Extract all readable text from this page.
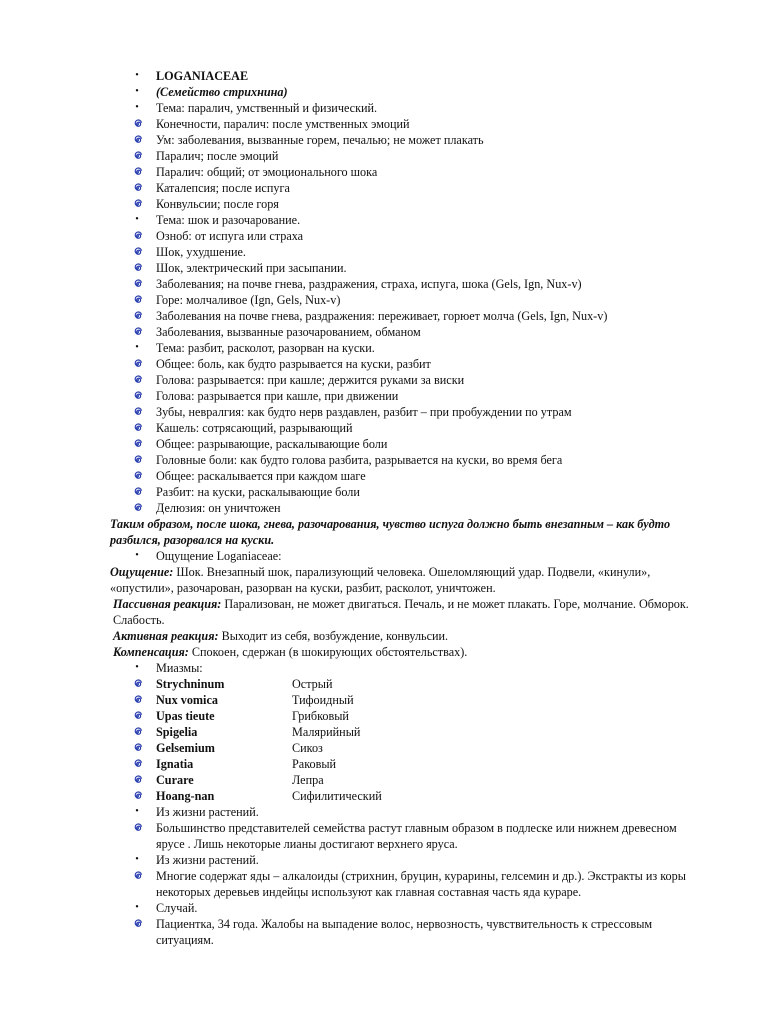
•	LOGANIACEAE
•	(Семейство стрихнина)
•	Тема: паралич, умственный и физический.
Конечности, паралич: после умственных эмоций
Ум: заболевания, вызванные горем, печалью; не может плакать
Паралич; после эмоций
Паралич: общий; от эмоционального шока
Каталепсия; после испуга
Конвульсии; после горя
•	Тема: шок и разочарование.
Озноб: от испуга или страха
Шок, ухудшение.
Шок, электрический при засыпании.
Заболевания; на почве гнева, раздражения, страха, испуга, шока (Gels, Ign, Nux-v)
Горе: молчаливое (Ign, Gels, Nux-v)
Заболевания на почве гнева, раздражения: переживает, горюет молча (Gels, Ign, Nux-v)
Заболевания, вызванные разочарованием, обманом
•	Тема: разбит, расколот, разорван на куски.
Общее: боль, как будто разрывается на куски, разбит
Голова: разрывается: при кашле; держится руками за виски
Голова: разрывается при кашле, при движении
Зубы, невралгия: как будто нерв раздавлен, разбит – при пробуждении по утрам
Кашель: сотрясающий, разрывающий
Общее: разрывающие, раскалывающие боли
Головные боли: как будто голова разбита, разрывается на куски, во время бега
Общее: раскалывается при каждом шаге
Разбит: на куски, раскалывающие боли
Делюзия: он уничтожен
Таким образом, после шока, гнева, разочарования, чувство испуга должно быть внезапным – как будто разбился, разорвался на куски.
•	Ощущение Loganiaceae:
Ощущение: Шок. Внезапный шок, парализующий человека. Ошеломляющий удар. Подвели, «кинули», «опустили», разочарован, разорван на куски, разбит, расколот, уничтожен.
Пассивная реакция: Парализован, не может двигаться. Печаль, и не может плакать. Горе, молчание. Обморок. Слабость.
Активная реакция: Выходит из себя, возбуждение, конвульсии.
Компенсация: Спокоен, сдержан (в шокирующих обстоятельствах).
•	Миазмы:
Strychninum	Острый
Nux vomica	Тифоидный
Upas tieute	Грибковый
Spigelia	Малярийный
Gelsemium	Сикоз
Ignatia	Раковый
Curare	Лепра
Hoang-nan	Сифилитический
•	Из жизни растений.
Большинство представителей семейства растут главным образом в подлеске или нижнем древесном ярусе . Лишь некоторые лианы достигают верхнего яруса.
•	Из жизни растений.
Многие содержат яды – алкалоиды (стрихнин, бруцин, курарины, гелсемин и др.). Экстракты из коры некоторых деревьев индейцы используют как главная составная часть яда кураре.
•	Случай.
Пациентка, 34 года. Жалобы на выпадение волос, нервозность, чувствительность к стрессовым ситуациям.
